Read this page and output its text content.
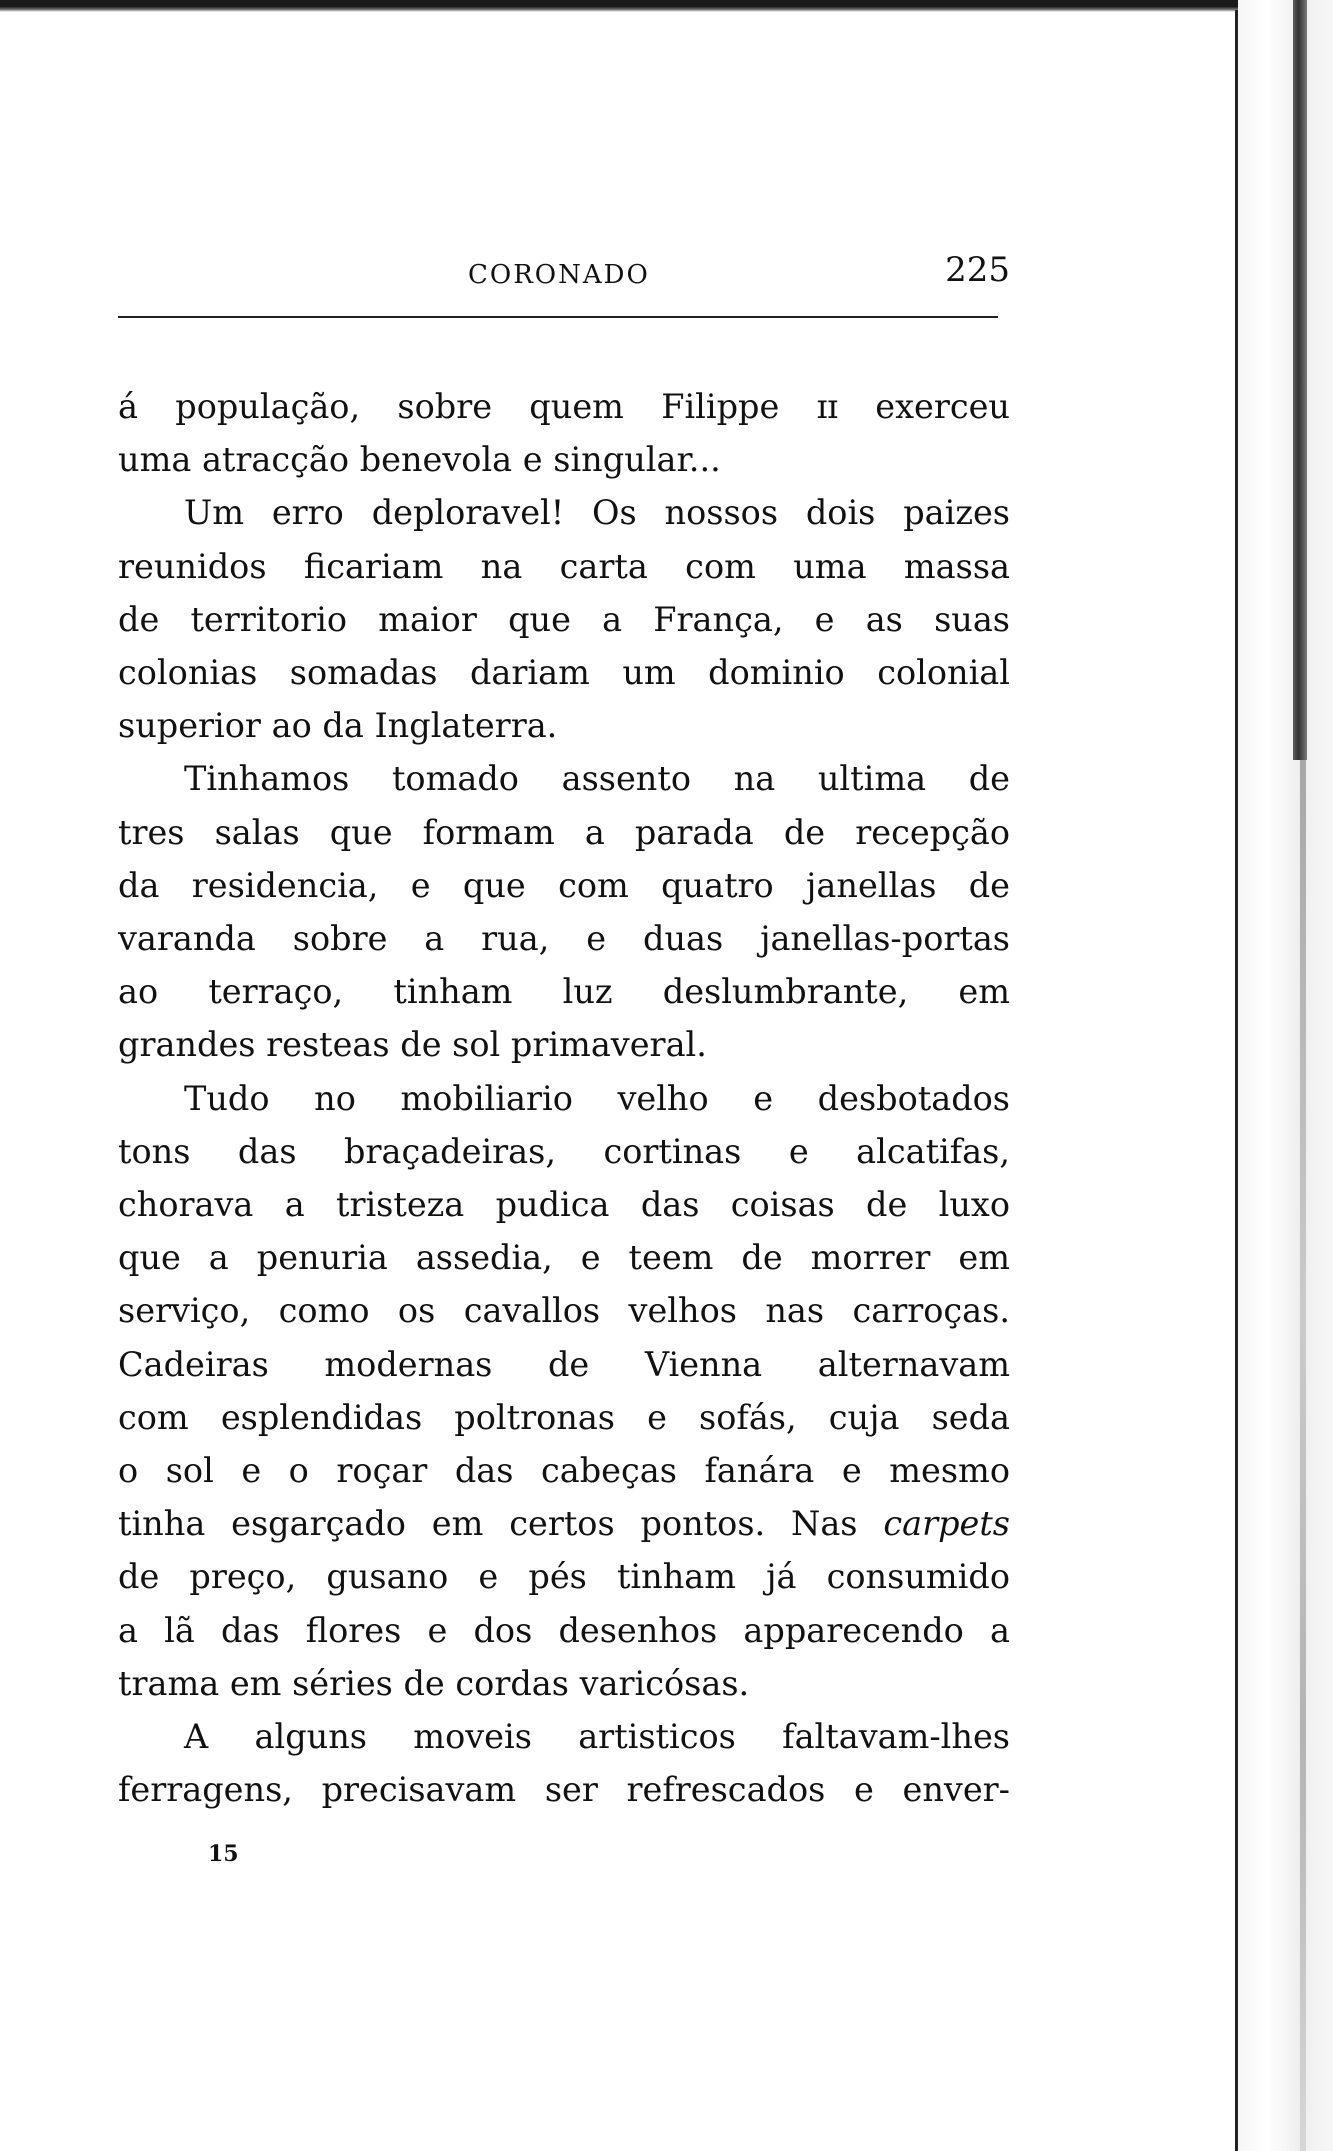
CORONADO	225
á população, sobre quem Filippe ɪɪ exerceu
uma atracção benevola e singular...
Um erro deploravel! Os nossos dois paizes
reunidos ficariam na carta com uma massa
de territorio maior que a França, e as suas
colonias somadas dariam um dominio colonial
superior ao da Inglaterra.
Tinhamos tomado assento na ultima de
tres salas que formam a parada de recepção
da residencia, e que com quatro janellas de
varanda sobre a rua, e duas janellas-portas
ao terraço, tinham luz deslumbrante, em
grandes resteas de sol primaveral.
Tudo no mobiliario velho e desbotados
tons das braçadeiras, cortinas e alcatifas,
chorava a tristeza pudica das coisas de luxo
que a penuria assedia, e teem de morrer em
serviço, como os cavallos velhos nas carroças.
Cadeiras modernas de Vienna alternavam
com esplendidas poltronas e sofás, cuja seda
o sol e o roçar das cabeças fanára e mesmo
tinha esgarçado em certos pontos. Nas carpets
de preço, gusano e pés tinham já consumido
a lã das flores e dos desenhos apparecendo a
trama em séries de cordas varicósas.
A alguns moveis artisticos faltavam-lhes
ferragens, precisavam ser refrescados e enver-
15
